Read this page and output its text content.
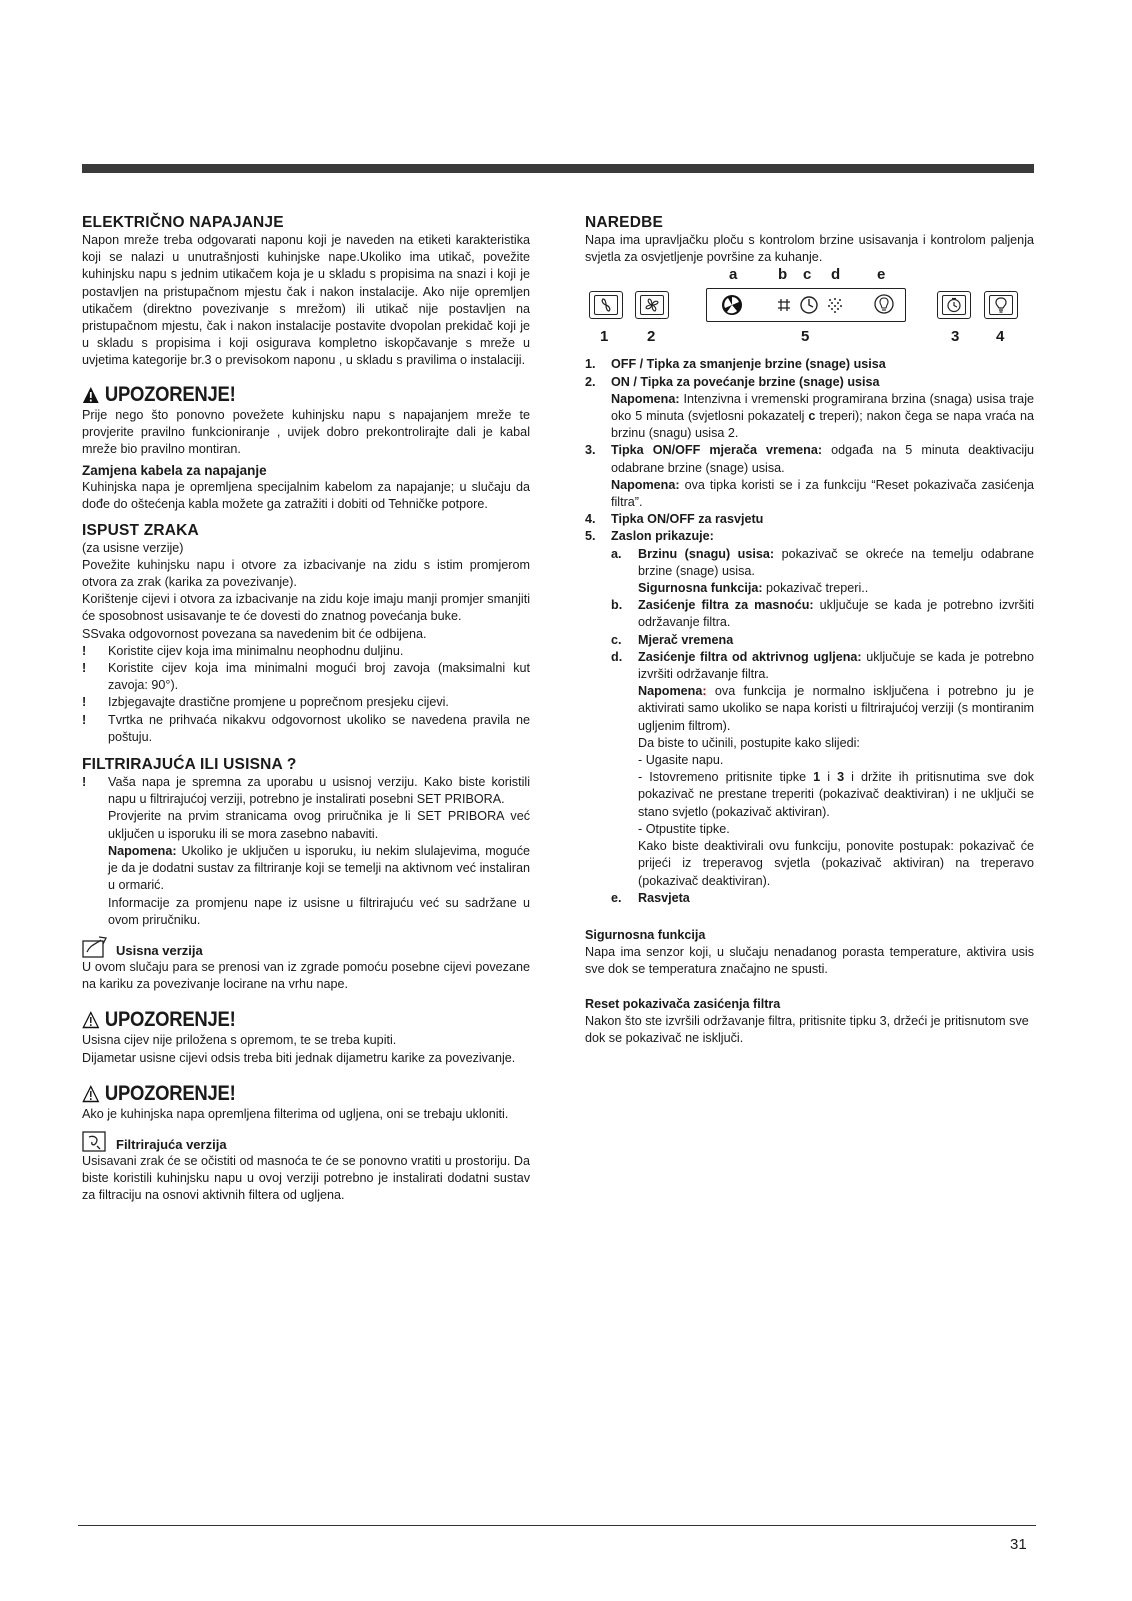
ELEKTRIČNO NAPAJANJE

Napon mreže treba odgovarati naponu koji je naveden na etiketi karakteristika koji se nalazi u unutrašnjosti kuhinjske nape.Ukoliko ima utikač, povežite kuhinjsku napu s jednim utikačem koja je u skladu s propisima na snazi i koji je postavljen na pristupačnom mjestu čak i nakon instalacije. Ako nije opremljen utikačem (direktno povezivanje s mrežom) ili utikač nije postavljen na pristupačnom mjestu, čak i nakon instalacije postavite dvopolan prekidač koji je u skladu s propisima i koji osigurava kompletno iskopčavanje s mreže u uvjetima kategorije br.3 o previsokom naponu , u skladu s pravilima o instalaciji.

UPOZORENJE!

Prije nego što ponovno povežete kuhinjsku napu s napajanjem mreže te provjerite pravilno funkcioniranje , uvijek dobro prekontrolirajte dali je kabal mreže bio pravilno montiran.

Zamjena kabela za napajanje

Kuhinjska napa je opremljena specijalnim kabelom za napajanje; u slučaju da dođe do oštećenja kabla možete ga zatražiti i dobiti od Tehničke potpore.

ISPUST ZRAKA

(za usisne verzije)

Povežite kuhinjsku napu i otvore za izbacivanje na zidu s istim promjerom otvora za zrak (karika za povezivanje).

Korištenje cijevi i otvora za izbacivanje na zidu koje imaju manji promjer smanjiti će sposobnost usisavanje te će dovesti do znatnog povećanja buke.

SSvaka odgovornost povezana sa navedenim bit će odbijena.

!	Koristite cijev koja ima minimalnu neophodnu duljinu.
!	Koristite cijev koja ima minimalni mogući broj zavoja (maksimalni kut zavoja: 90°).
!	Izbjegavajte drastične promjene u poprečnom presjeku cijevi.
!	Tvrtka ne prihvaća nikakvu odgovornost ukoliko se navedena pravila ne poštuju.
FILTRIRAJUĆA ILI USISNA ?
!	Vaša napa je spremna za uporabu u usisnoj verziju. Kako biste koristili napu u filtrirajućoj verziji, potrebno je instalirati posebni SET PRIBORA.

Provjerite na prvim stranicama ovog priručnika je li SET PRIBORA već uključen u isporuku ili se mora zasebno nabaviti.

Napomena: Ukoliko je uključen u isporuku, iu nekim slulajevima, moguće je da je dodatni sustav za filtriranje koji se temelji na aktivnom već instaliran u ormarić.

Informacije za promjenu nape iz usisne u filtrirajuću već su sadržane u ovom priručniku.

Usisna verzija

U ovom slučaju para se prenosi van iz zgrade pomoću posebne cijevi povezane na kariku za povezivanje locirane na vrhu nape.

UPOZORENJE!

Usisna cijev nije priložena s opremom, te se treba kupiti.

Dijametar usisne cijevi odsis treba biti jednak dijametru karike za povezivanje.

UPOZORENJE!

Ako je kuhinjska napa opremljena filterima od ugljena, oni se trebaju ukloniti.

Filtrirajuća verzija

Usisavani zrak će se očistiti od masnoća te će se ponovno vratiti u prostoriju. Da biste koristili kuhinjsku napu u ovoj verziji potrebno je instalirati dodatni sustav za filtraciju na osnovi aktivnih filtera od ugljena.

NAREDBE

Napa ima upravljačku ploču s kontrolom brzine usisavanja i kontrolom paljenja svjetla za osvjetljenje površine za kuhanje.

a	b c d e
1	2	5	3 4
1.	OFF / Tipka za smanjenje brzine (snage) usisa
2.	ON / Tipka za povećanje brzine (snage) usisa

Napomena: Intenzivna i vremenski programirana brzina (snaga) usisa traje oko 5 minuta (svjetlosni pokazatelj c treperi); nakon čega se napa vraća na brzinu (snagu) usisa 2.

3.	Tipka ON/OFF mjerača vremena: odgađa na 5 minuta deaktivaciju odabrane brzine (snage) usisa.

Napomena: ova tipka koristi se i za funkciju “Reset pokazivača zasićenja filtra”.

4.	Tipka ON/OFF za rasvjetu
5.	Zaslon prikazuje:
a.	Brzinu (snagu) usisa: pokazivač se okreće na temelju odabrane brzine (snage) usisa.

Sigurnosna funkcija: pokazivač treperi..

b.	Zasićenje filtra za masnoću: uključuje se kada je potrebno izvršiti održavanje filtra.
c.	Mjerač vremena
d.	Zasićenje filtra od aktrivnog ugljena: uključuje se kada je potrebno izvršiti održavanje filtra.

Napomena: ova funkcija je normalno isključena i potrebno ju je aktivirati samo ukoliko se napa koristi u filtrirajućoj verziji (s montiranim ugljenim filtrom).

Da biste to učinili, postupite kako slijedi:

- Ugasite napu.

- Istovremeno pritisnite tipke 1 i 3 i držite ih pritisnutima sve dok pokazivač ne prestane treperiti (pokazivač deaktiviran) i ne uključi se stano svjetlo (pokazivač aktiviran).

- Otpustite tipke.

Kako biste deaktivirali ovu funkciju, ponovite postupak: pokazivač će prijeći iz treperavog svjetla (pokazivač aktiviran) na treperavo (pokazivač deaktiviran).

e.	Rasvjeta

Sigurnosna funkcija

Napa ima senzor koji, u slučaju nenadanog porasta temperature, aktivira usis sve dok se temperatura značajno ne spusti.

Reset pokazivača zasićenja filtra

Nakon što ste izvršili održavanje filtra, pritisnite tipku 3, držeći je pritisnutom sve dok se pokazivač ne isključi.

31
